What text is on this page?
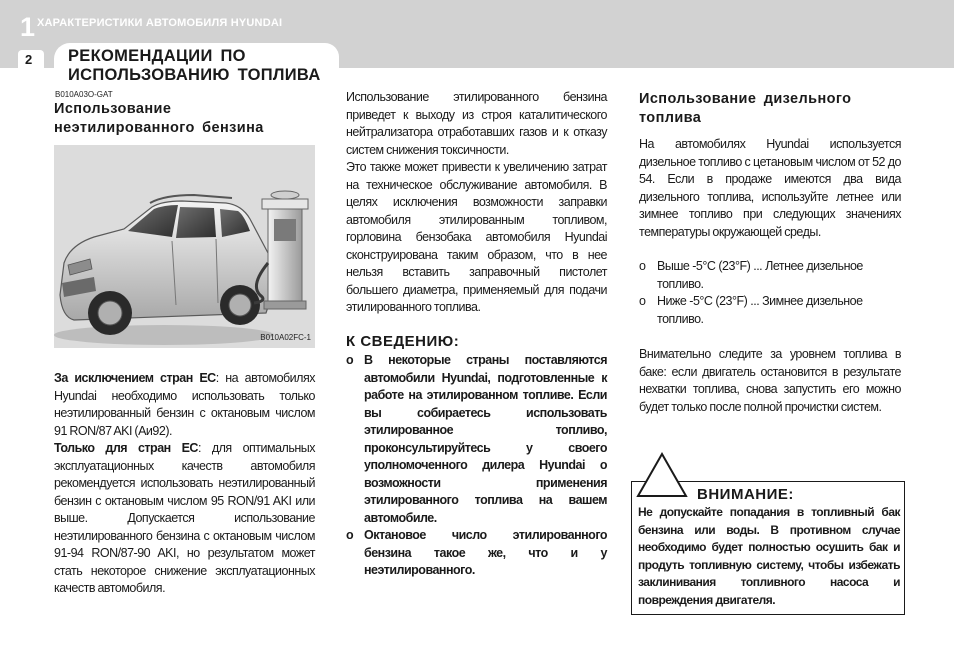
1 ХАРАКТЕРИСТИКИ АВТОМОБИЛЯ HYUNDAI
2 РЕКОМЕНДАЦИИ ПО
ИСПОЛЬЗОВАНИЮ ТОПЛИВА
B010A03O-GAT
Использование
неэтилированного бензина
B010A02FC-1

За исключением стран ЕС: на автомобилях Hyundai необходимо использовать только неэтилированный бензин с октановым числом 91 RON/87 AKI (Аи92).

Только для стран ЕС: для оптимальных эксплуатационных качеств автомобиля рекомендуется использовать неэтилированный бензин с октановым числом 95 RON/91 AKI или выше. Допускается использование неэтилированного бензина с октановым числом 91-94 RON/87-90 AKI, но результатом может стать некоторое снижение эксплуатационных качеств автомобиля.

Использование этилированного бензина приведет к выходу из строя каталитического нейтрализатора отработавших газов и к отказу систем снижения токсичности.

Это также может привести к увеличению затрат на техническое обслуживание автомобиля. В целях исключения возможности заправки автомобиля этилированным топливом, горловина бензобака автомобиля Hyundai сконструирована таким образом, что в нее нельзя вставить заправочный пистолет большего диаметра, применяемый для подачи этилированного топлива.

К СВЕДЕНИЮ:
o В некоторые страны поставляются автомобили Hyundai, подготовленные к работе на этилированном топливе. Если вы собираетесь использовать этилированное топливо, проконсультируйтесь у своего уполномоченного дилера Hyundai о возможности применения этилированного топлива на вашем автомобиле.
o Октановое число этилированного бензина такое же, что и у неэтилированного.
Использование дизельного
топлива
На автомобилях Hyundai используется дизельное топливо с цетановым числом от 52 до 54. Если в продаже имеются два вида дизельного топлива, используйте летнее или зимнее топливо при следующих значениях температуры окружающей среды.
o Выше -5°C (23°F) ... Летнее дизельное топливо.
o Ниже -5°C (23°F) ... Зимнее дизельное топливо.
Внимательно следите за уровнем топлива в баке: если двигатель остановится в результате нехватки топлива, снова запустить его можно будет только после полной прочистки систем.
ВНИМАНИЕ:
Не допускайте попадания в топливный бак бензина или воды. В противном случае необходимо будет полностью осушить бак и продуть топливную систему, чтобы избежать заклинивания топливного насоса и повреждения двигателя.
